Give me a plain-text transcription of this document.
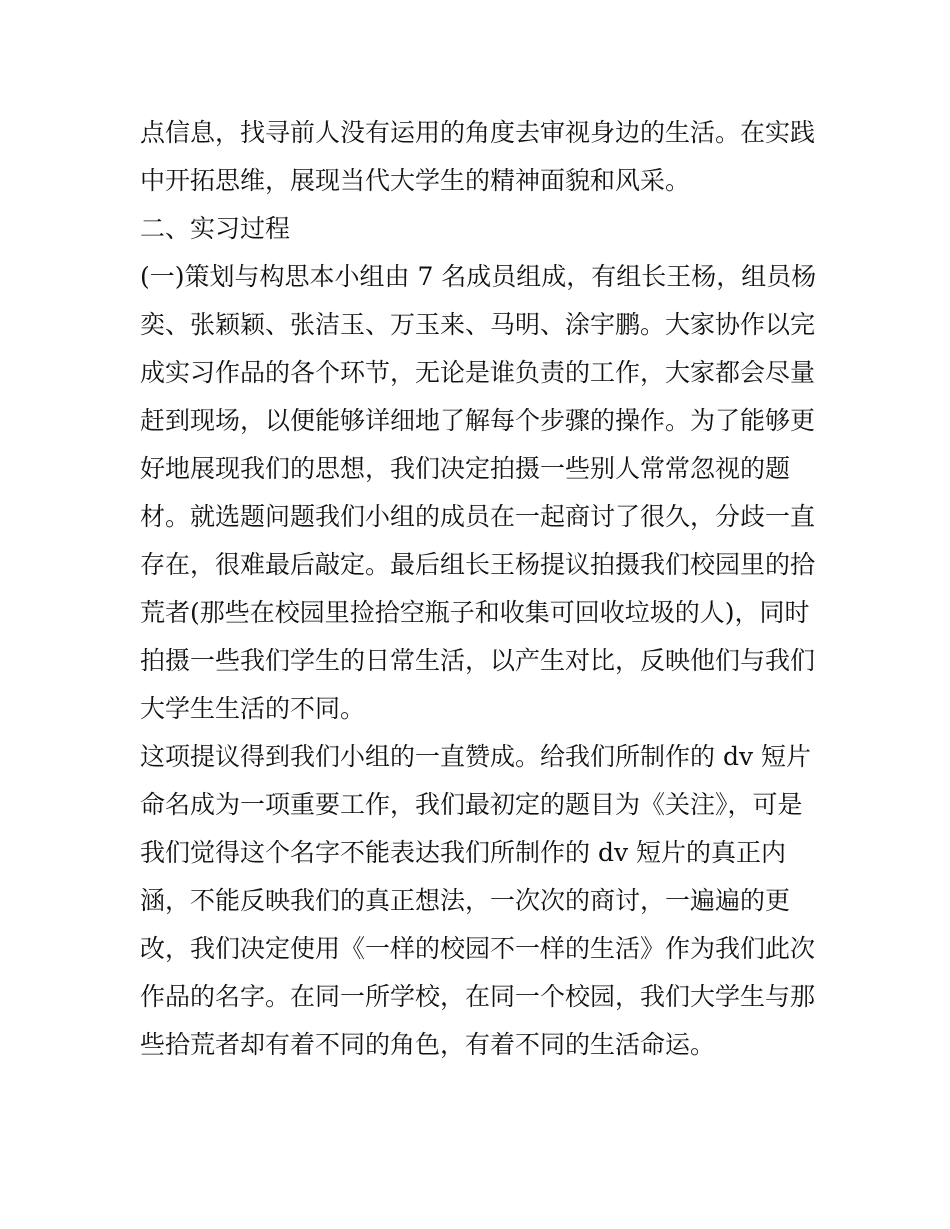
点信息，找寻前人没有运用的角度去审视身边的生活。在实践
中开拓思维，展现当代大学生的精神面貌和风采。
二、实习过程
(一)策划与构思本小组由 7 名成员组成，有组长王杨，组员杨
奕、张颖颖、张洁玉、万玉来、马明、涂宇鹏。大家协作以完
成实习作品的各个环节，无论是谁负责的工作，大家都会尽量
赶到现场，以便能够详细地了解每个步骤的操作。为了能够更
好地展现我们的思想，我们决定拍摄一些别人常常忽视的题
材。就选题问题我们小组的成员在一起商讨了很久，分歧一直
存在，很难最后敲定。最后组长王杨提议拍摄我们校园里的拾
荒者(那些在校园里捡拾空瓶子和收集可回收垃圾的人)，同时
拍摄一些我们学生的日常生活，以产生对比，反映他们与我们
大学生生活的不同。
这项提议得到我们小组的一直赞成。给我们所制作的 dv 短片
命名成为一项重要工作，我们最初定的题目为《关注》，可是
我们觉得这个名字不能表达我们所制作的 dv 短片的真正内
涵，不能反映我们的真正想法，一次次的商讨，一遍遍的更
改，我们决定使用《一样的校园不一样的生活》作为我们此次
作品的名字。在同一所学校，在同一个校园，我们大学生与那
些拾荒者却有着不同的角色，有着不同的生活命运。
